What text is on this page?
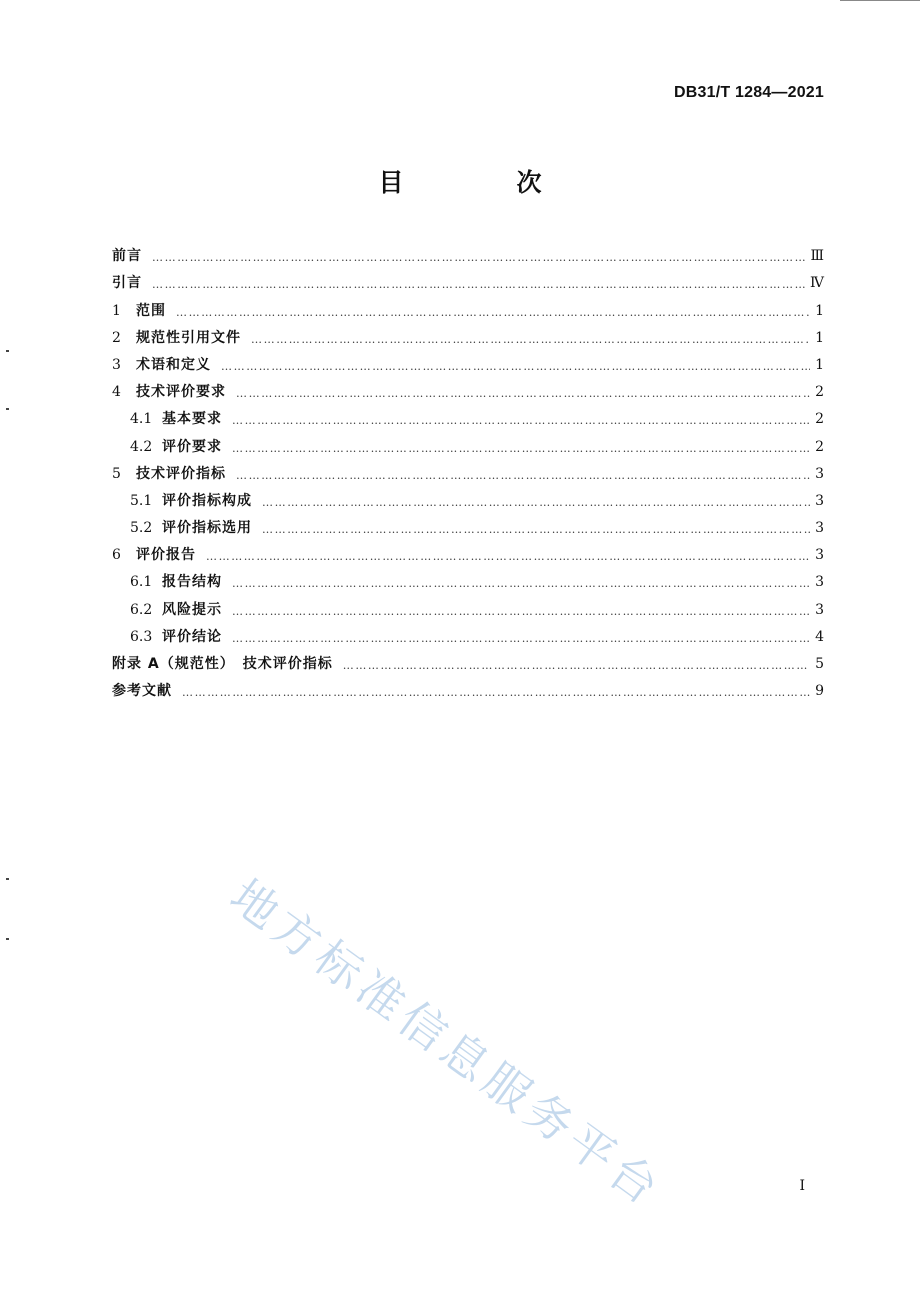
DB31/T 1284—2021
目　次
前言 …………………………………………………………………………………………………………………………………………………………………………………………………………	Ⅲ
引言 …………………………………………………………………………………………………………………………………………………………………………………………………………	Ⅳ
1	范围 …………………………………………………………………………………………………………………………………………………………………………………………………………	1
2	规范性引用文件 …………………………………………………………………………………………………………………………………………………………………………………………………………	1
3	术语和定义 …………………………………………………………………………………………………………………………………………………………………………………………………………	1
4	技术评价要求 …………………………………………………………………………………………………………………………………………………………………………………………………………	2
4.1 基本要求 …………………………………………………………………………………………………………………………………………………………………………………………………………	2
4.2 评价要求 …………………………………………………………………………………………………………………………………………………………………………………………………………	2
5	技术评价指标 …………………………………………………………………………………………………………………………………………………………………………………………………………	3
5.1 评价指标构成 …………………………………………………………………………………………………………………………………………………………………………………………………………	3
5.2 评价指标选用 …………………………………………………………………………………………………………………………………………………………………………………………………………	3
6	评价报告 …………………………………………………………………………………………………………………………………………………………………………………………………………	3
6.1 报告结构 …………………………………………………………………………………………………………………………………………………………………………………………………………	3
6.2 风险提示 …………………………………………………………………………………………………………………………………………………………………………………………………………	3
6.3 评价结论 …………………………………………………………………………………………………………………………………………………………………………………………………………	4
附录 A（规范性）　技术评价指标 …………………………………………………………………………………………………………………………………………………………………………………………………………	5
参考文献 …………………………………………………………………………………………………………………………………………………………………………………………………………	9
地方标准信息服务平台	I
